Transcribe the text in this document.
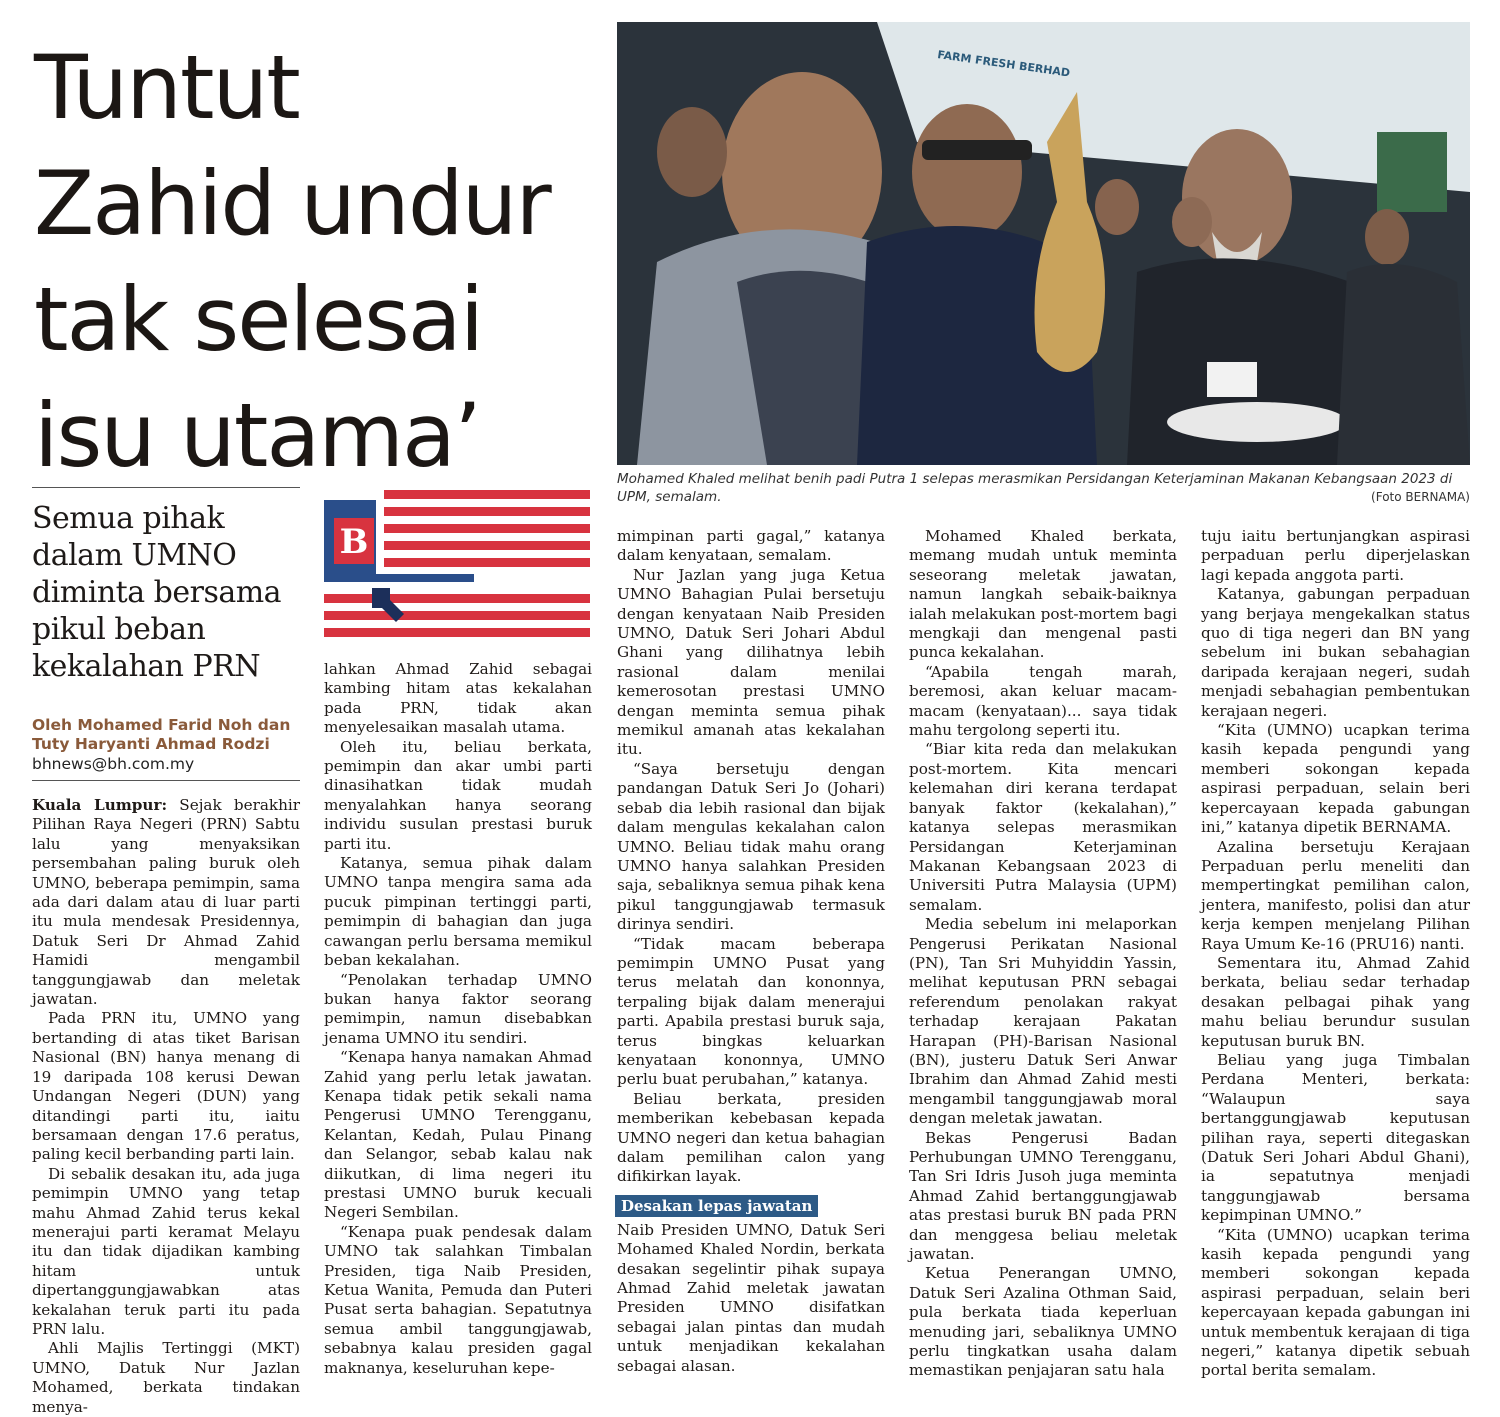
Tuntut
Zahid undur
tak selesai
isu utama’
Semua pihak
dalam UMNO
diminta bersama
pikul beban
kekalahan PRN
Oleh Mohamed Farid Noh dan
Tuty Haryanti Ahmad Rodzi
bhnews@bh.com.my

Kuala Lumpur: Sejak berakhir Pilihan Raya Negeri (PRN) Sabtu lalu yang menyaksikan persembahan paling buruk oleh UMNO, beberapa pemimpin, sama ada dari dalam atau di luar parti itu mula mendesak Presidennya, Datuk Seri Dr Ahmad Zahid Hamidi mengambil tanggungjawab dan meletak jawatan.

Pada PRN itu, UMNO yang bertanding di atas tiket Barisan Nasional (BN) hanya menang di 19 daripada 108 kerusi Dewan Undangan Negeri (DUN) yang ditandingi parti itu, iaitu bersamaan dengan 17.6 peratus, paling kecil berbanding parti lain.

Di sebalik desakan itu, ada juga pemimpin UMNO yang tetap mahu Ahmad Zahid terus kekal menerajui parti keramat Melayu itu dan tidak dijadikan kambing hitam untuk dipertanggungjawabkan atas kekalahan teruk parti itu pada PRN lalu.

Ahli Majlis Tertinggi (MKT) UMNO, Datuk Nur Jazlan Mohamed, berkata tindakan menya-

B

lahkan Ahmad Zahid sebagai kambing hitam atas kekalahan pada PRN, tidak akan menyelesaikan masalah utama.

Oleh itu, beliau berkata, pemimpin dan akar umbi parti dinasihatkan tidak mudah menyalahkan hanya seorang individu susulan prestasi buruk parti itu.

Katanya, semua pihak dalam UMNO tanpa mengira sama ada pucuk pimpinan tertinggi parti, pemimpin di bahagian dan juga cawangan perlu bersama memikul beban kekalahan.

“Penolakan terhadap UMNO bukan hanya faktor seorang pemimpin, namun disebabkan jenama UMNO itu sendiri.

“Kenapa hanya namakan Ahmad Zahid yang perlu letak jawatan. Kenapa tidak petik sekali nama Pengerusi UMNO Terengganu, Kelantan, Kedah, Pulau Pinang dan Selangor, sebab kalau nak diikutkan, di lima negeri itu prestasi UMNO buruk kecuali Negeri Sembilan.

“Kenapa puak pendesak dalam UMNO tak salahkan Timbalan Presiden, tiga Naib Presiden, Ketua Wanita, Pemuda dan Puteri Pusat serta bahagian. Sepatutnya semua ambil tanggungjawab, sebabnya kalau presiden gagal maknanya, keseluruhan kepe-

FARM FRESH BERHAD
Mohamed Khaled melihat benih padi Putra 1 selepas merasmikan Persidangan Keterjaminan Makanan Kebangsaan 2023 di UPM, semalam.	(Foto BERNAMA)

mimpinan parti gagal,” katanya dalam kenyataan, semalam.

Nur Jazlan yang juga Ketua UMNO Bahagian Pulai bersetuju dengan kenyataan Naib Presiden UMNO, Datuk Seri Johari Abdul Ghani yang dilihatnya lebih rasional dalam menilai kemerosotan prestasi UMNO dengan meminta semua pihak memikul amanah atas kekalahan itu.

“Saya bersetuju dengan pandangan Datuk Seri Jo (Johari) sebab dia lebih rasional dan bijak dalam mengulas kekalahan calon UMNO. Beliau tidak mahu orang UMNO hanya salahkan Presiden saja, sebaliknya semua pihak kena pikul tanggungjawab termasuk dirinya sendiri.

“Tidak macam beberapa pemimpin UMNO Pusat yang terus melatah dan kononnya, terpaling bijak dalam menerajui parti. Apabila prestasi buruk saja, terus bingkas keluarkan kenyataan kononnya, UMNO perlu buat perubahan,” katanya.

Beliau berkata, presiden memberikan kebebasan kepada UMNO negeri dan ketua bahagian dalam pemilihan calon yang difikirkan layak.

Desakan lepas jawatan

Naib Presiden UMNO, Datuk Seri Mohamed Khaled Nordin, berkata desakan segelintir pihak supaya Ahmad Zahid meletak jawatan Presiden UMNO disifatkan sebagai jalan pintas dan mudah untuk menjadikan kekalahan sebagai alasan.

Mohamed Khaled berkata, memang mudah untuk meminta seseorang meletak jawatan, namun langkah sebaik-baiknya ialah melakukan post-mortem bagi mengkaji dan mengenal pasti punca kekalahan.

“Apabila tengah marah, beremosi, akan keluar macam-macam (kenyataan)... saya tidak mahu tergolong seperti itu.

“Biar kita reda dan melakukan post-mortem. Kita mencari kelemahan diri kerana terdapat banyak faktor (kekalahan),” katanya selepas merasmikan Persidangan Keterjaminan Makanan Kebangsaan 2023 di Universiti Putra Malaysia (UPM) semalam.

Media sebelum ini melaporkan Pengerusi Perikatan Nasional (PN), Tan Sri Muhyiddin Yassin, melihat keputusan PRN sebagai referendum penolakan rakyat terhadap kerajaan Pakatan Harapan (PH)-Barisan Nasional (BN), justeru Datuk Seri Anwar Ibrahim dan Ahmad Zahid mesti mengambil tanggungjawab moral dengan meletak jawatan.

Bekas Pengerusi Badan Perhubungan UMNO Terengganu, Tan Sri Idris Jusoh juga meminta Ahmad Zahid bertanggungjawab atas prestasi buruk BN pada PRN dan menggesa beliau meletak jawatan.

Ketua Penerangan UMNO, Datuk Seri Azalina Othman Said, pula berkata tiada keperluan menuding jari, sebaliknya UMNO perlu tingkatkan usaha dalam memastikan penjajaran satu hala

tuju iaitu bertunjangkan aspirasi perpaduan perlu diperjelaskan lagi kepada anggota parti.

Katanya, gabungan perpaduan yang berjaya mengekalkan status quo di tiga negeri dan BN yang sebelum ini bukan sebahagian daripada kerajaan negeri, sudah menjadi sebahagian pembentukan kerajaan negeri.

“Kita (UMNO) ucapkan terima kasih kepada pengundi yang memberi sokongan kepada aspirasi perpaduan, selain beri kepercayaan kepada gabungan ini,” katanya dipetik BERNAMA.

Azalina bersetuju Kerajaan Perpaduan perlu meneliti dan mempertingkat pemilihan calon, jentera, manifesto, polisi dan atur kerja kempen menjelang Pilihan Raya Umum Ke-16 (PRU16) nanti.

Sementara itu, Ahmad Zahid berkata, beliau sedar terhadap desakan pelbagai pihak yang mahu beliau berundur susulan keputusan buruk BN.

Beliau yang juga Timbalan Perdana Menteri, berkata: “Walaupun saya bertanggungjawab keputusan pilihan raya, seperti ditegaskan (Datuk Seri Johari Abdul Ghani), ia sepatutnya menjadi tanggungjawab bersama kepimpinan UMNO.”

“Kita (UMNO) ucapkan terima kasih kepada pengundi yang memberi sokongan kepada aspirasi perpaduan, selain beri kepercayaan kepada gabungan ini untuk membentuk kerajaan di tiga negeri,” katanya dipetik sebuah portal berita semalam.
